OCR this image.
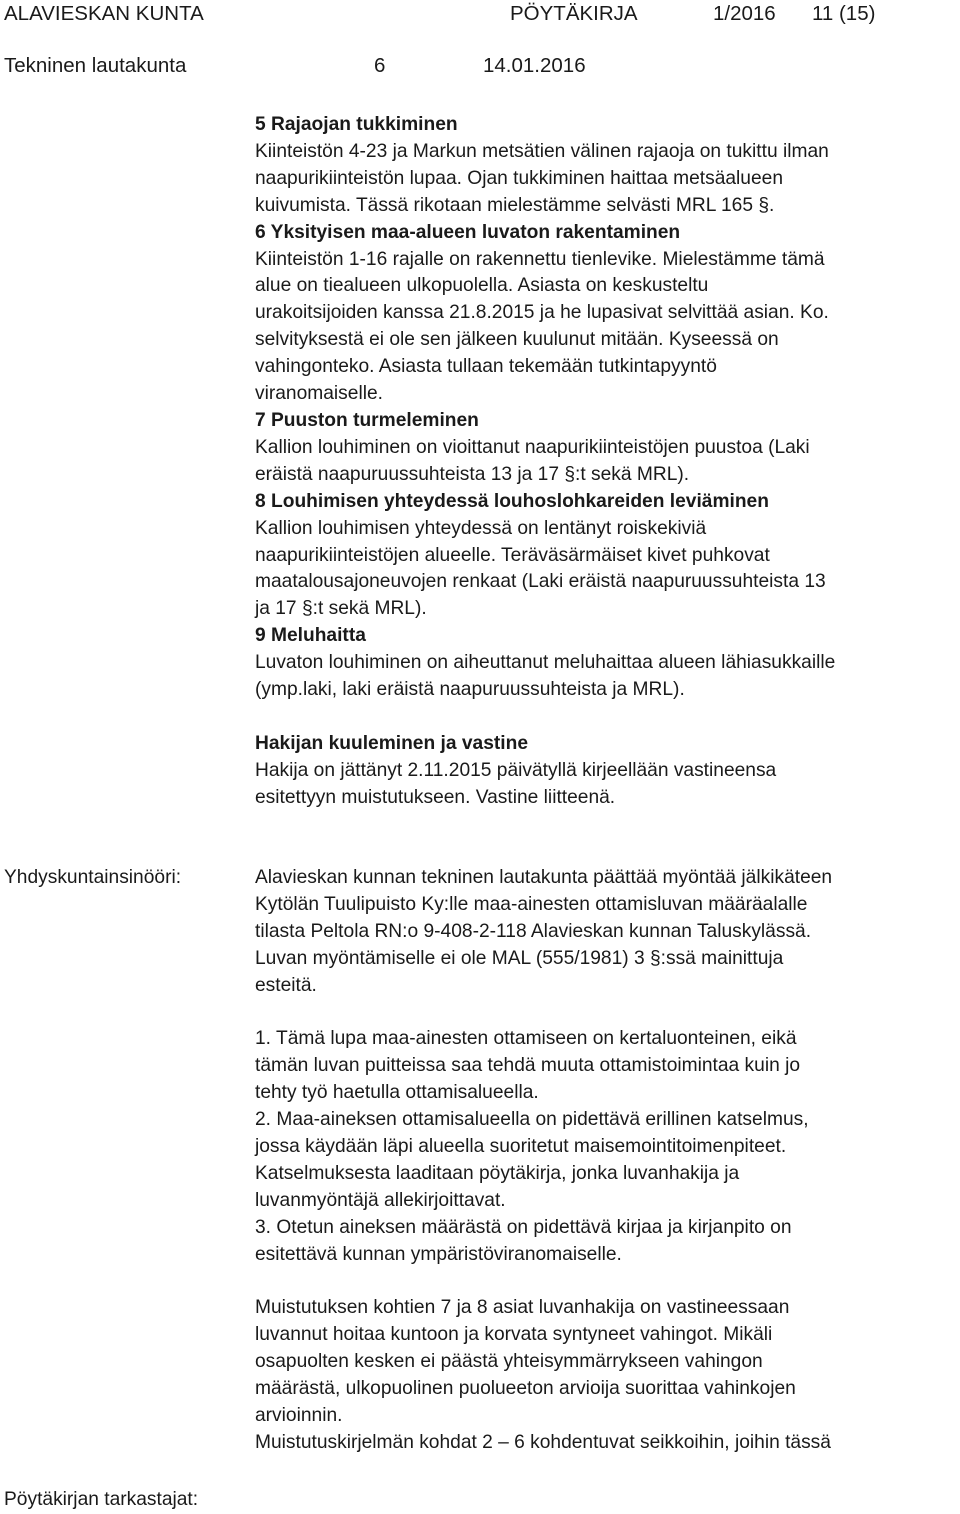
ALAVIESKAN KUNTA	PÖYTÄKIRJA	1/2016 11 (15)
Tekninen lautakunta	6	14.01.2016
5 Rajaojan tukkiminen

Kiinteistön 4-23 ja Markun metsätien välinen rajaoja on tukittu ilman

naapurikiinteistön lupaa. Ojan tukkiminen haittaa metsäalueen

kuivumista. Tässä rikotaan mielestämme selvästi MRL 165 §.

6 Yksityisen maa-alueen luvaton rakentaminen

Kiinteistön 1-16 rajalle on rakennettu tienlevike. Mielestämme tämä

alue on tiealueen ulkopuolella. Asiasta on keskusteltu

urakoitsijoiden kanssa 21.8.2015 ja he lupasivat selvittää asian. Ko.

selvityksestä ei ole sen jälkeen kuulunut mitään. Kyseessä on

vahingonteko. Asiasta tullaan tekemään tutkintapyyntö

viranomaiselle.

7 Puuston turmeleminen

Kallion louhiminen on vioittanut naapurikiinteistöjen puustoa (Laki

eräistä naapuruussuhteista 13 ja 17 §:t sekä MRL).

8 Louhimisen yhteydessä louhoslohkareiden leviäminen

Kallion louhimisen yhteydessä on lentänyt roiskekiviä

naapurikiinteistöjen alueelle. Teräväsärmäiset kivet puhkovat

maatalousajoneuvojen renkaat (Laki eräistä naapuruussuhteista 13

ja 17 §:t sekä MRL).

9 Meluhaitta

Luvaton louhiminen on aiheuttanut meluhaittaa alueen lähiasukkaille

(ymp.laki, laki eräistä naapuruussuhteista ja MRL).

Hakijan kuuleminen ja vastine

Hakija on jättänyt 2.11.2015 päivätyllä kirjeellään vastineensa

esitettyyn muistutukseen. Vastine liitteenä.

Yhdyskuntainsinööri:	Alavieskan kunnan tekninen lautakunta päättää myöntää jälkikäteen

Kytölän Tuulipuisto Ky:lle maa-ainesten ottamisluvan määräalalle

tilasta Peltola RN:o 9-408-2-118 Alavieskan kunnan Taluskylässä.

Luvan myöntämiselle ei ole MAL (555/1981) 3 §:ssä mainittuja

esteitä.

1. Tämä lupa maa-ainesten ottamiseen on kertaluonteinen, eikä

tämän luvan puitteissa saa tehdä muuta ottamistoimintaa kuin jo

tehty työ haetulla ottamisalueella.

2. Maa-aineksen ottamisalueella on pidettävä erillinen katselmus,

jossa käydään läpi alueella suoritetut maisemointitoimenpiteet.

Katselmuksesta laaditaan pöytäkirja, jonka luvanhakija ja

luvanmyöntäjä allekirjoittavat.

3. Otetun aineksen määrästä on pidettävä kirjaa ja kirjanpito on

esitettävä kunnan ympäristöviranomaiselle.

Muistutuksen kohtien 7 ja 8 asiat luvanhakija on vastineessaan

luvannut hoitaa kuntoon ja korvata syntyneet vahingot. Mikäli

osapuolten kesken ei päästä yhteisymmärrykseen vahingon

määrästä, ulkopuolinen puolueeton arvioija suorittaa vahinkojen

arvioinnin.

Muistutuskirjelmän kohdat 2 – 6 kohdentuvat seikkoihin, joihin tässä

Pöytäkirjan tarkastajat:
